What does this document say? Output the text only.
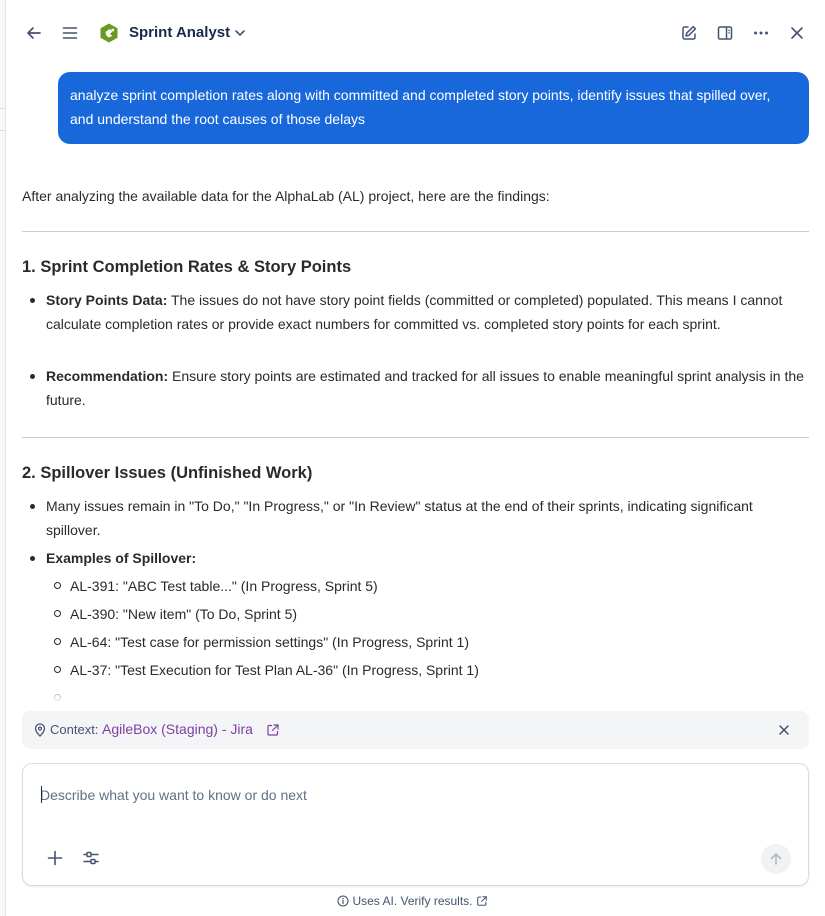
Sprint Analyst
analyze sprint completion rates along with committed and completed story points, identify issues that spilled over, and understand the root causes of those delays
After analyzing the available data for the AlphaLab (AL) project, here are the findings:
1. Sprint Completion Rates & Story Points
Story Points Data: The issues do not have story point fields (committed or completed) populated. This means I cannot calculate completion rates or provide exact numbers for committed vs. completed story points for each sprint.
Recommendation: Ensure story points are estimated and tracked for all issues to enable meaningful sprint analysis in the future.
2. Spillover Issues (Unfinished Work)
Many issues remain in "To Do," "In Progress," or "In Review" status at the end of their sprints, indicating significant spillover.
Examples of Spillover:
AL-391: "ABC Test table..." (In Progress, Sprint 5)
AL-390: "New item" (To Do, Sprint 5)
AL-64: "Test case for permission settings" (In Progress, Sprint 1)
AL-37: "Test Execution for Test Plan AL-36" (In Progress, Sprint 1)
Context: AgileBox (Staging) - Jira
Describe what you want to know or do next
Uses AI. Verify results.
